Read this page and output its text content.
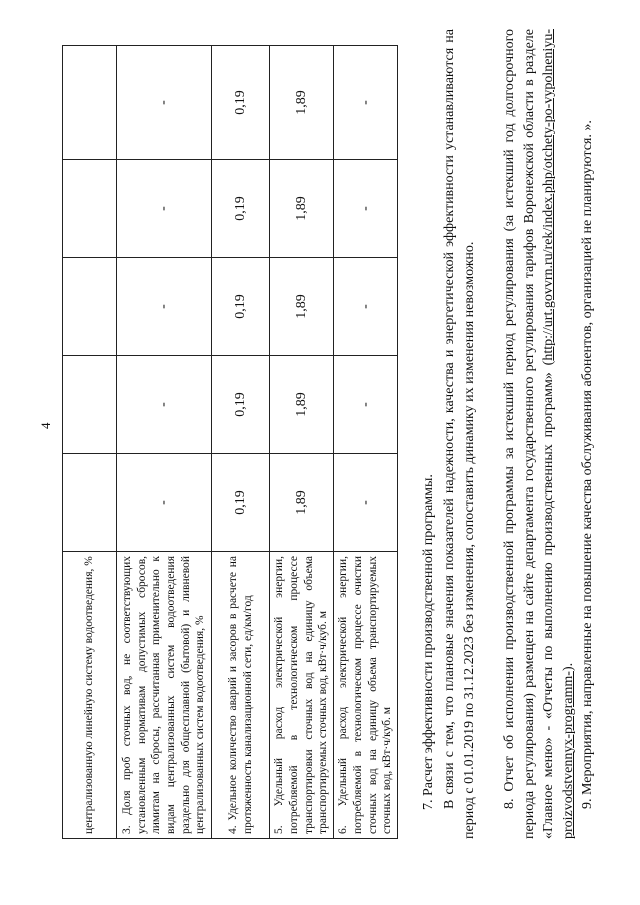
4
централизованную линейную систему водоотведения, %					
3. Доля проб сточных вод, не соответствующих установленным нормативам допустимых сбросов, лимитам на сбросы, рассчитанная применительно к видам централизованных систем водоотведения раздельно для общесплавной (бытовой) и ливневой централизованных систем водоотведения, %	-	-	-	-	-
4. Удельное количество аварий и засоров в расчете на протяженность канализационной сети, ед/км/год	0,19	0,19	0,19	0,19	0,19
5. Удельный расход электрической энергии, потребляемой в технологическом процессе транспортировки сточных вод на единицу объема транспортируемых сточных вод, кВт·ч/куб. м	1,89	1,89	1,89	1,89	1,89
6. Удельный расход электрической энергии, потребляемой в технологическом процессе очистки сточных вод на единицу объема транспортируемых сточных вод, кВт·ч/куб. м	-	-	-	-	-
7. Расчет эффективности производственной программы. В связи с тем, что плановые значения показателей надежности, качества и энергетической эффективности устанавливаются на период с 01.01.2019 по 31.12.2023 без изменения, сопоставить динамику их изменения невозможно. 8. Отчет об исполнении производственной программы за истекший период регулирования (за истекший год долгосрочного периода регулирования) размещен на сайте департамента государственного регулирования тарифов Воронежской области в разделе «Главное меню» - «Отчеты по выполнению производственных программ» (http://urt.govvrn.ru/rek/index.php/otchety-po-vypolneniyu-proizvodstvennyx-programm-). 9. Мероприятия, направленные на повышение качества обслуживания абонентов, организацией не планируются. ».
